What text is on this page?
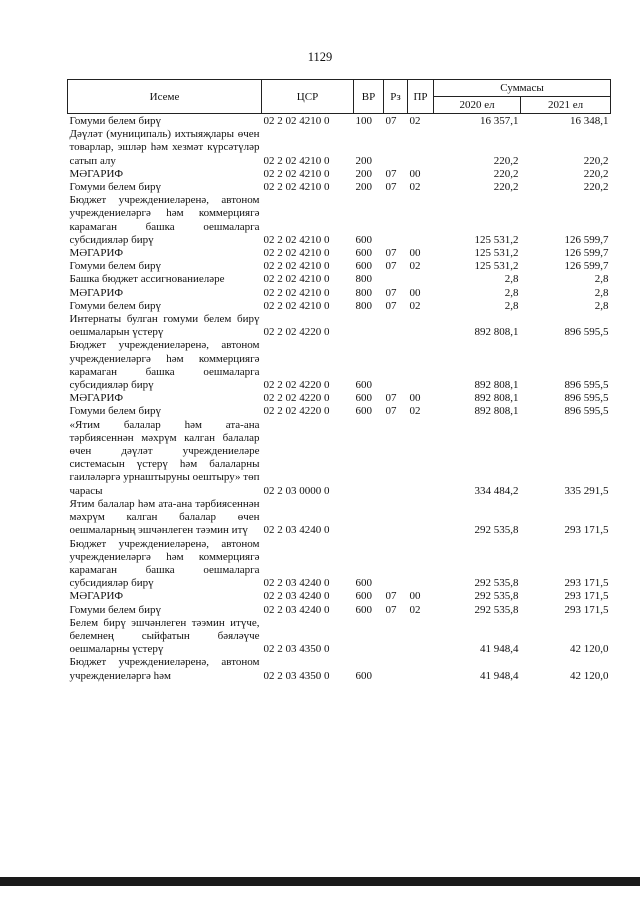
1129
Исеме	ЦСР	ВР	Рз	ПР	Суммасы	
					2020 ел	2021 ел
Гомуми белем бирү	02 2 02 4210 0	100	07	02	16 357,1	16 348,1
Дәүләт (муниципаль) ихтыяҗлары өчен товарлар, эшләр һәм хезмәт күрсәтүләр сатып алу	02 2 02 4210 0	200			220,2	220,2
МӘГАРИФ	02 2 02 4210 0	200	07	00	220,2	220,2
Гомуми белем бирү	02 2 02 4210 0	200	07	02	220,2	220,2
Бюджет учреждениеләренә, автоном учреждениеләргә һәм коммерциягә карамаган башка оешмаларга субсидияләр бирү	02 2 02 4210 0	600			125 531,2	126 599,7
МӘГАРИФ	02 2 02 4210 0	600	07	00	125 531,2	126 599,7
Гомуми белем бирү	02 2 02 4210 0	600	07	02	125 531,2	126 599,7
Башка бюджет ассигнованиеләре	02 2 02 4210 0	800			2,8	2,8
МӘГАРИФ	02 2 02 4210 0	800	07	00	2,8	2,8
Гомуми белем бирү	02 2 02 4210 0	800	07	02	2,8	2,8
Интернаты булган гомуми белем бирү оешмаларын үстерү	02 2 02 4220 0				892 808,1	896 595,5
Бюджет учреждениеләренә, автоном учреждениеләргә һәм коммерциягә карамаган башка оешмаларга субсидияләр бирү	02 2 02 4220 0	600			892 808,1	896 595,5
МӘГАРИФ	02 2 02 4220 0	600	07	00	892 808,1	896 595,5
Гомуми белем бирү	02 2 02 4220 0	600	07	02	892 808,1	896 595,5
«Ятим балалар һәм ата-ана тәрбиясеннән мәхрүм калган балалар өчен дәүләт учреждениеләре системасын үстерү һәм балаларны гаиләләргә урнаштыруны оештыру» төп чарасы	02 2 03 0000 0				334 484,2	335 291,5
Ятим балалар һәм ата-ана тәрбиясеннән мәхрүм калган балалар өчен оешмаларның эшчәнлеген тәэмин итү	02 2 03 4240 0				292 535,8	293 171,5
Бюджет учреждениеләренә, автоном учреждениеләргә һәм коммерциягә карамаган башка оешмаларга субсидияләр бирү	02 2 03 4240 0	600			292 535,8	293 171,5
МӘГАРИФ	02 2 03 4240 0	600	07	00	292 535,8	293 171,5
Гомуми белем бирү	02 2 03 4240 0	600	07	02	292 535,8	293 171,5
Белем бирү эшчәнлеген тәэмин итүче, белемнең сыйфатын бәяләүче оешмаларны үстерү	02 2 03 4350 0				41 948,4	42 120,0
Бюджет учреждениеләренә, автоном учреждениеләргә һәм	02 2 03 4350 0	600			41 948,4	42 120,0
